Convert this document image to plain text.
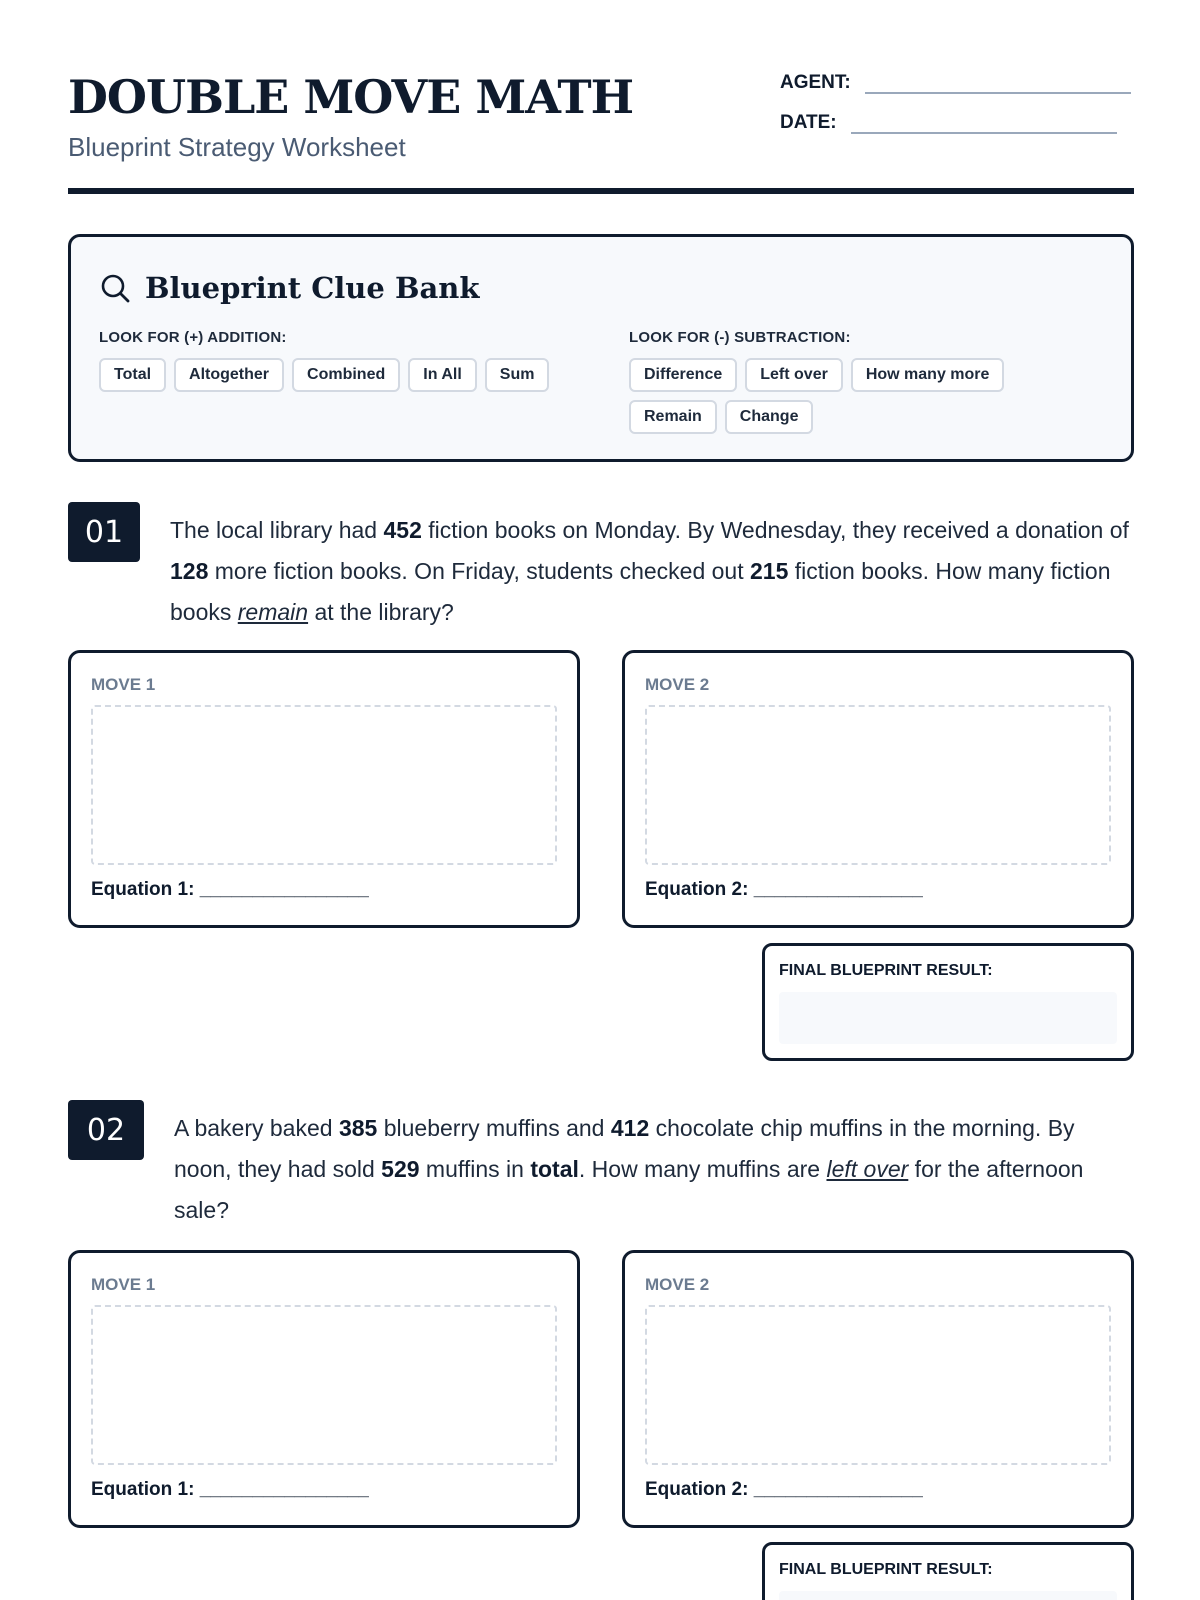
DOUBLE MOVE MATH
Blueprint Strategy Worksheet
AGENT:
DATE:
Blueprint Clue Bank
LOOK FOR (+) ADDITION:
Total	Altogether	Combined	In All	Sum
LOOK FOR (-) SUBTRACTION:
Difference	Left over	How many more
Remain	Change
01	The local library had 452 fiction books on Monday. By Wednesday, they received a donation of 128 more fiction books. On Friday, students checked out 215 fiction books. How many fiction books remain at the library?
MOVE 1
Equation 1: ________________
MOVE 2
Equation 2: ________________
FINAL BLUEPRINT RESULT:
02	A bakery baked 385 blueberry muffins and 412 chocolate chip muffins in the morning. By noon, they had sold 529 muffins in total. How many muffins are left over for the afternoon sale?
MOVE 1
Equation 1: ________________
MOVE 2
Equation 2: ________________
FINAL BLUEPRINT RESULT:
